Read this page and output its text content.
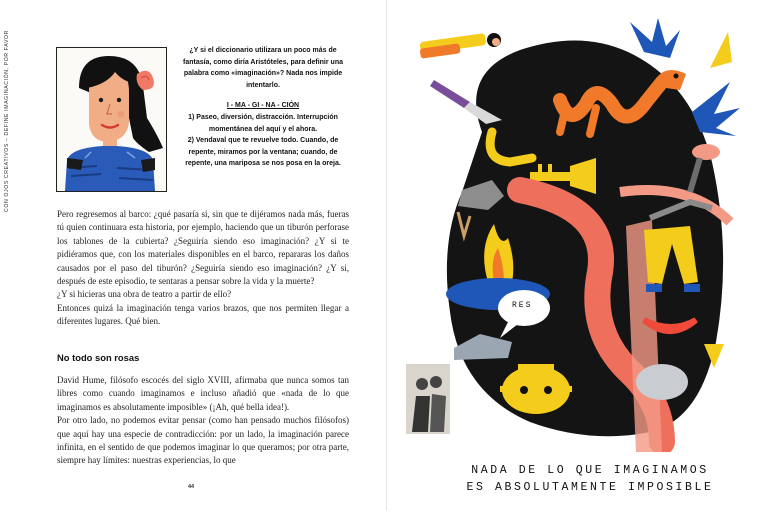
CON OJOS CREATIVOS – DEFINE IMAGINACIÓN, POR FAVOR	¿Y si el diccionario utilizara un poco más de fantasía, como diría Aristóteles, para definir una palabra como «imaginación»? Nada nos impide intentarlo.

I - MA - GI - NA - CIÓN

1) Paseo, diversión, distracción. Interrupción momentánea del aquí y el ahora.

2) Vendaval que te revuelve todo. Cuando, de repente, miramos por la ventana; cuando, de repente, una mariposa se nos posa en la oreja.

Pero regresemos al barco: ¿qué pasaría si, sin que te dijéramos nada más, fueras tú quien continuara esta historia, por ejemplo, haciendo que un tiburón perforase los tablones de la cubierta? ¿Seguiría siendo eso imaginación? ¿Y si te pidiéramos que, con los materiales disponibles en el barco, repararas los daños causados por el paso del tiburón? ¿Seguiría siendo eso imaginación? ¿Y si, después de este episodio, te sentaras a pensar sobre la vida y la muerte?

¿Y si hicieras una obra de teatro a partir de ello?

Entonces quizá la imaginación tenga varios brazos, que nos permiten llegar a diferentes lugares. Qué bien.

No todo son rosas

David Hume, filósofo escocés del siglo XVIII, afirmaba que nunca somos tan libres como cuando imaginamos e incluso añadió que «nada de lo que imaginamos es absolutamente imposible» (¡Ah, qué bella idea!).

Por otro lado, no podemos evitar pensar (como han pensado muchos filósofos) que aquí hay una especie de contradicción: por un lado, la imaginación parece infinita, en el sentido de que podemos imaginar lo que queramos; por otra parte, siempre hay límites: nuestras experiencias, lo que

44
RES
NADA DE LO QUE IMAGINAMOS
ES ABSOLUTAMENTE IMPOSIBLE
